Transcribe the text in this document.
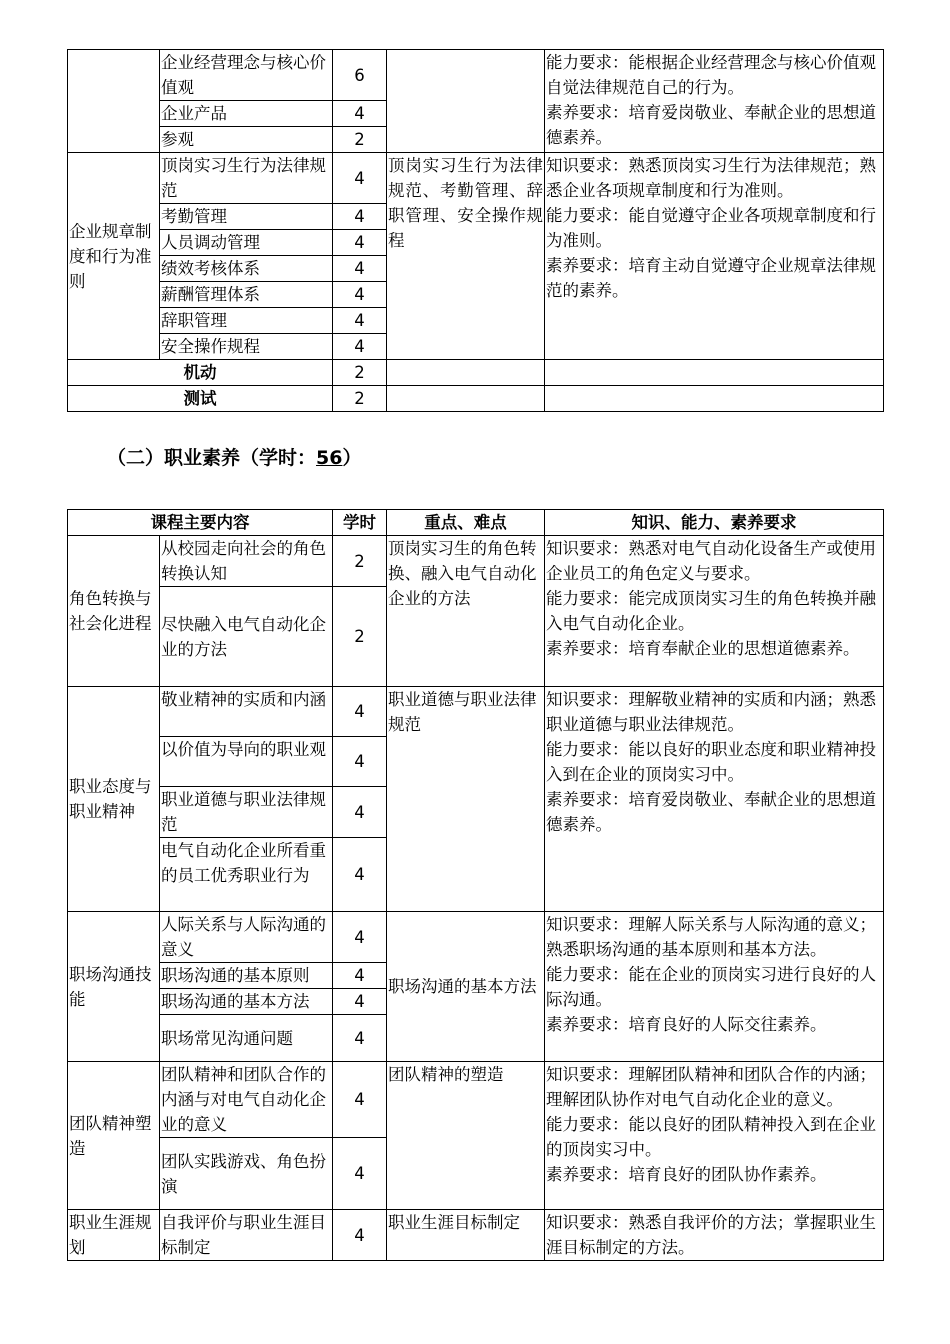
	企业经营理念与核心价值观	6		能力要求：能根据企业经营理念与核心价值观自觉法律规范自己的行为。
素养要求：培育爱岗敬业、奉献企业的思想道德素养。

	企业产品	4		
	参观	2		
企业规章制度和行为准则	顶岗实习生行为法律规范	4	顶岗实习生行为法律规范、考勤管理、辞职管理、安全操作规程	知识要求：熟悉顶岗实习生行为法律规范；熟悉企业各项规章制度和行为准则。
能力要求：能自觉遵守企业各项规章制度和行为准则。
素养要求：培育主动自觉遵守企业规章法律规范的素养。

	考勤管理	4		
	人员调动管理	4		
	绩效考核体系	4		
	薪酬管理体系	4		
	辞职管理	4		
	安全操作规程	4		
机动		2		
测试		2		

（二）职业素养（学时：56）

课程主要内容		学时	重点、难点	知识、能力、素养要求
角色转换与社会化进程	从校园走向社会的角色转换认知	2	顶岗实习生的角色转换、融入电气自动化企业的方法	知识要求：熟悉对电气自动化设备生产或使用企业员工的角色定义与要求。
能力要求：能完成顶岗实习生的角色转换并融入电气自动化企业。
素养要求：培育奉献企业的思想道德素养。

	尽快融入电气自动化企业的方法	2		
职业态度与职业精神	敬业精神的实质和内涵	4	职业道德与职业法律规范	知识要求：理解敬业精神的实质和内涵；熟悉职业道德与职业法律规范。
能力要求：能以良好的职业态度和职业精神投入到在企业的顶岗实习中。
素养要求：培育爱岗敬业、奉献企业的思想道德素养。

	以价值为导向的职业观	4		
	职业道德与职业法律规范	4		
	电气自动化企业所看重的员工优秀职业行为	4		
职场沟通技能	人际关系与人际沟通的意义	4	职场沟通的基本方法	知识要求：理解人际关系与人际沟通的意义；熟悉职场沟通的基本原则和基本方法。
能力要求：能在企业的顶岗实习进行良好的人际沟通。
素养要求：培育良好的人际交往素养。

	职场沟通的基本原则	4		
	职场沟通的基本方法	4		
	职场常见沟通问题	4		
团队精神塑造	团队精神和团队合作的内涵与对电气自动化企业的意义	4	团队精神的塑造	知识要求：理解团队精神和团队合作的内涵；理解团队协作对电气自动化企业的意义。
能力要求：能以良好的团队精神投入到在企业的顶岗实习中。
素养要求：培育良好的团队协作素养。

	团队实践游戏、角色扮演	4		
职业生涯规划	自我评价与职业生涯目标制定	4	职业生涯目标制定	知识要求：熟悉自我评价的方法；掌握职业生涯目标制定的方法。
